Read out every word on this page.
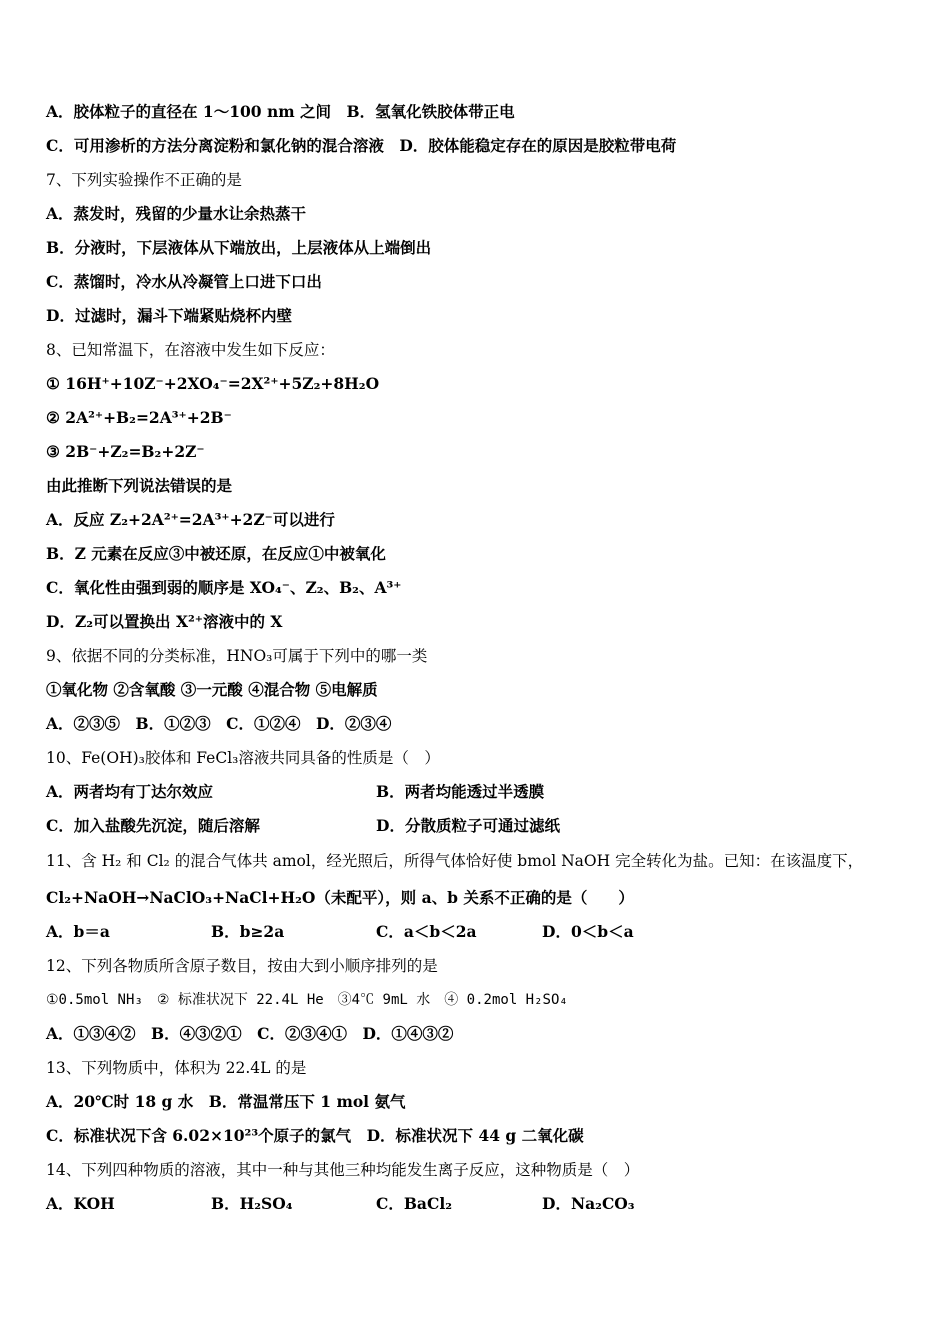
A．胶体粒子的直径在 1～100 nm 之间　B．氢氧化铁胶体带正电
C．可用渗析的方法分离淀粉和氯化钠的混合溶液　D．胶体能稳定存在的原因是胶粒带电荷
7、下列实验操作不正确的是
A．蒸发时，残留的少量水让余热蒸干
B．分液时，下层液体从下端放出，上层液体从上端倒出
C．蒸馏时，冷水从冷凝管上口进下口出
D．过滤时，漏斗下端紧贴烧杯内壁
8、已知常温下，在溶液中发生如下反应：
① 16H⁺+10Z⁻+2XO₄⁻=2X²⁺+5Z₂+8H₂O
② 2A²⁺+B₂=2A³⁺+2B⁻
③ 2B⁻+Z₂=B₂+2Z⁻
由此推断下列说法错误的是
A．反应 Z₂+2A²⁺=2A³⁺+2Z⁻可以进行
B．Z 元素在反应③中被还原，在反应①中被氧化
C．氧化性由强到弱的顺序是 XO₄⁻、Z₂、B₂、A³⁺
D．Z₂可以置换出 X²⁺溶液中的 X
9、依据不同的分类标准，HNO₃可属于下列中的哪一类
①氧化物 ②含氧酸 ③一元酸 ④混合物 ⑤电解质
A．②③⑤　B．①②③　C．①②④　D．②③④
10、Fe(OH)₃胶体和 FeCl₃溶液共同具备的性质是（　）
A．两者均有丁达尔效应	B．两者均能透过半透膜
C．加入盐酸先沉淀，随后溶解	D．分散质粒子可通过滤纸
11、含 H₂ 和 Cl₂ 的混合气体共 amol，经光照后，所得气体恰好使 bmol NaOH 完全转化为盐。已知：在该温度下，
Cl₂+NaOH→NaClO₃+NaCl+H₂O（未配平），则 a、b 关系不正确的是（　　）
A．b＝a	B．b≥2a	C．a＜b＜2a	D．0＜b＜a
12、下列各物质所含原子数目，按由大到小顺序排列的是
①0.5mol NH₃　② 标准状况下 22.4L He　③4℃ 9mL 水　④ 0.2mol H₂SO₄
A．①③④②　B．④③②①　C．②③④①　D．①④③②
13、下列物质中，体积为 22.4L 的是
A．20℃时 18 g 水　B．常温常压下 1 mol 氨气
C．标准状况下含 6.02×10²³个原子的氯气　D．标准状况下 44 g 二氧化碳
14、下列四种物质的溶液，其中一种与其他三种均能发生离子反应，这种物质是（　）
A．KOH	B．H₂SO₄	C．BaCl₂	D．Na₂CO₃
